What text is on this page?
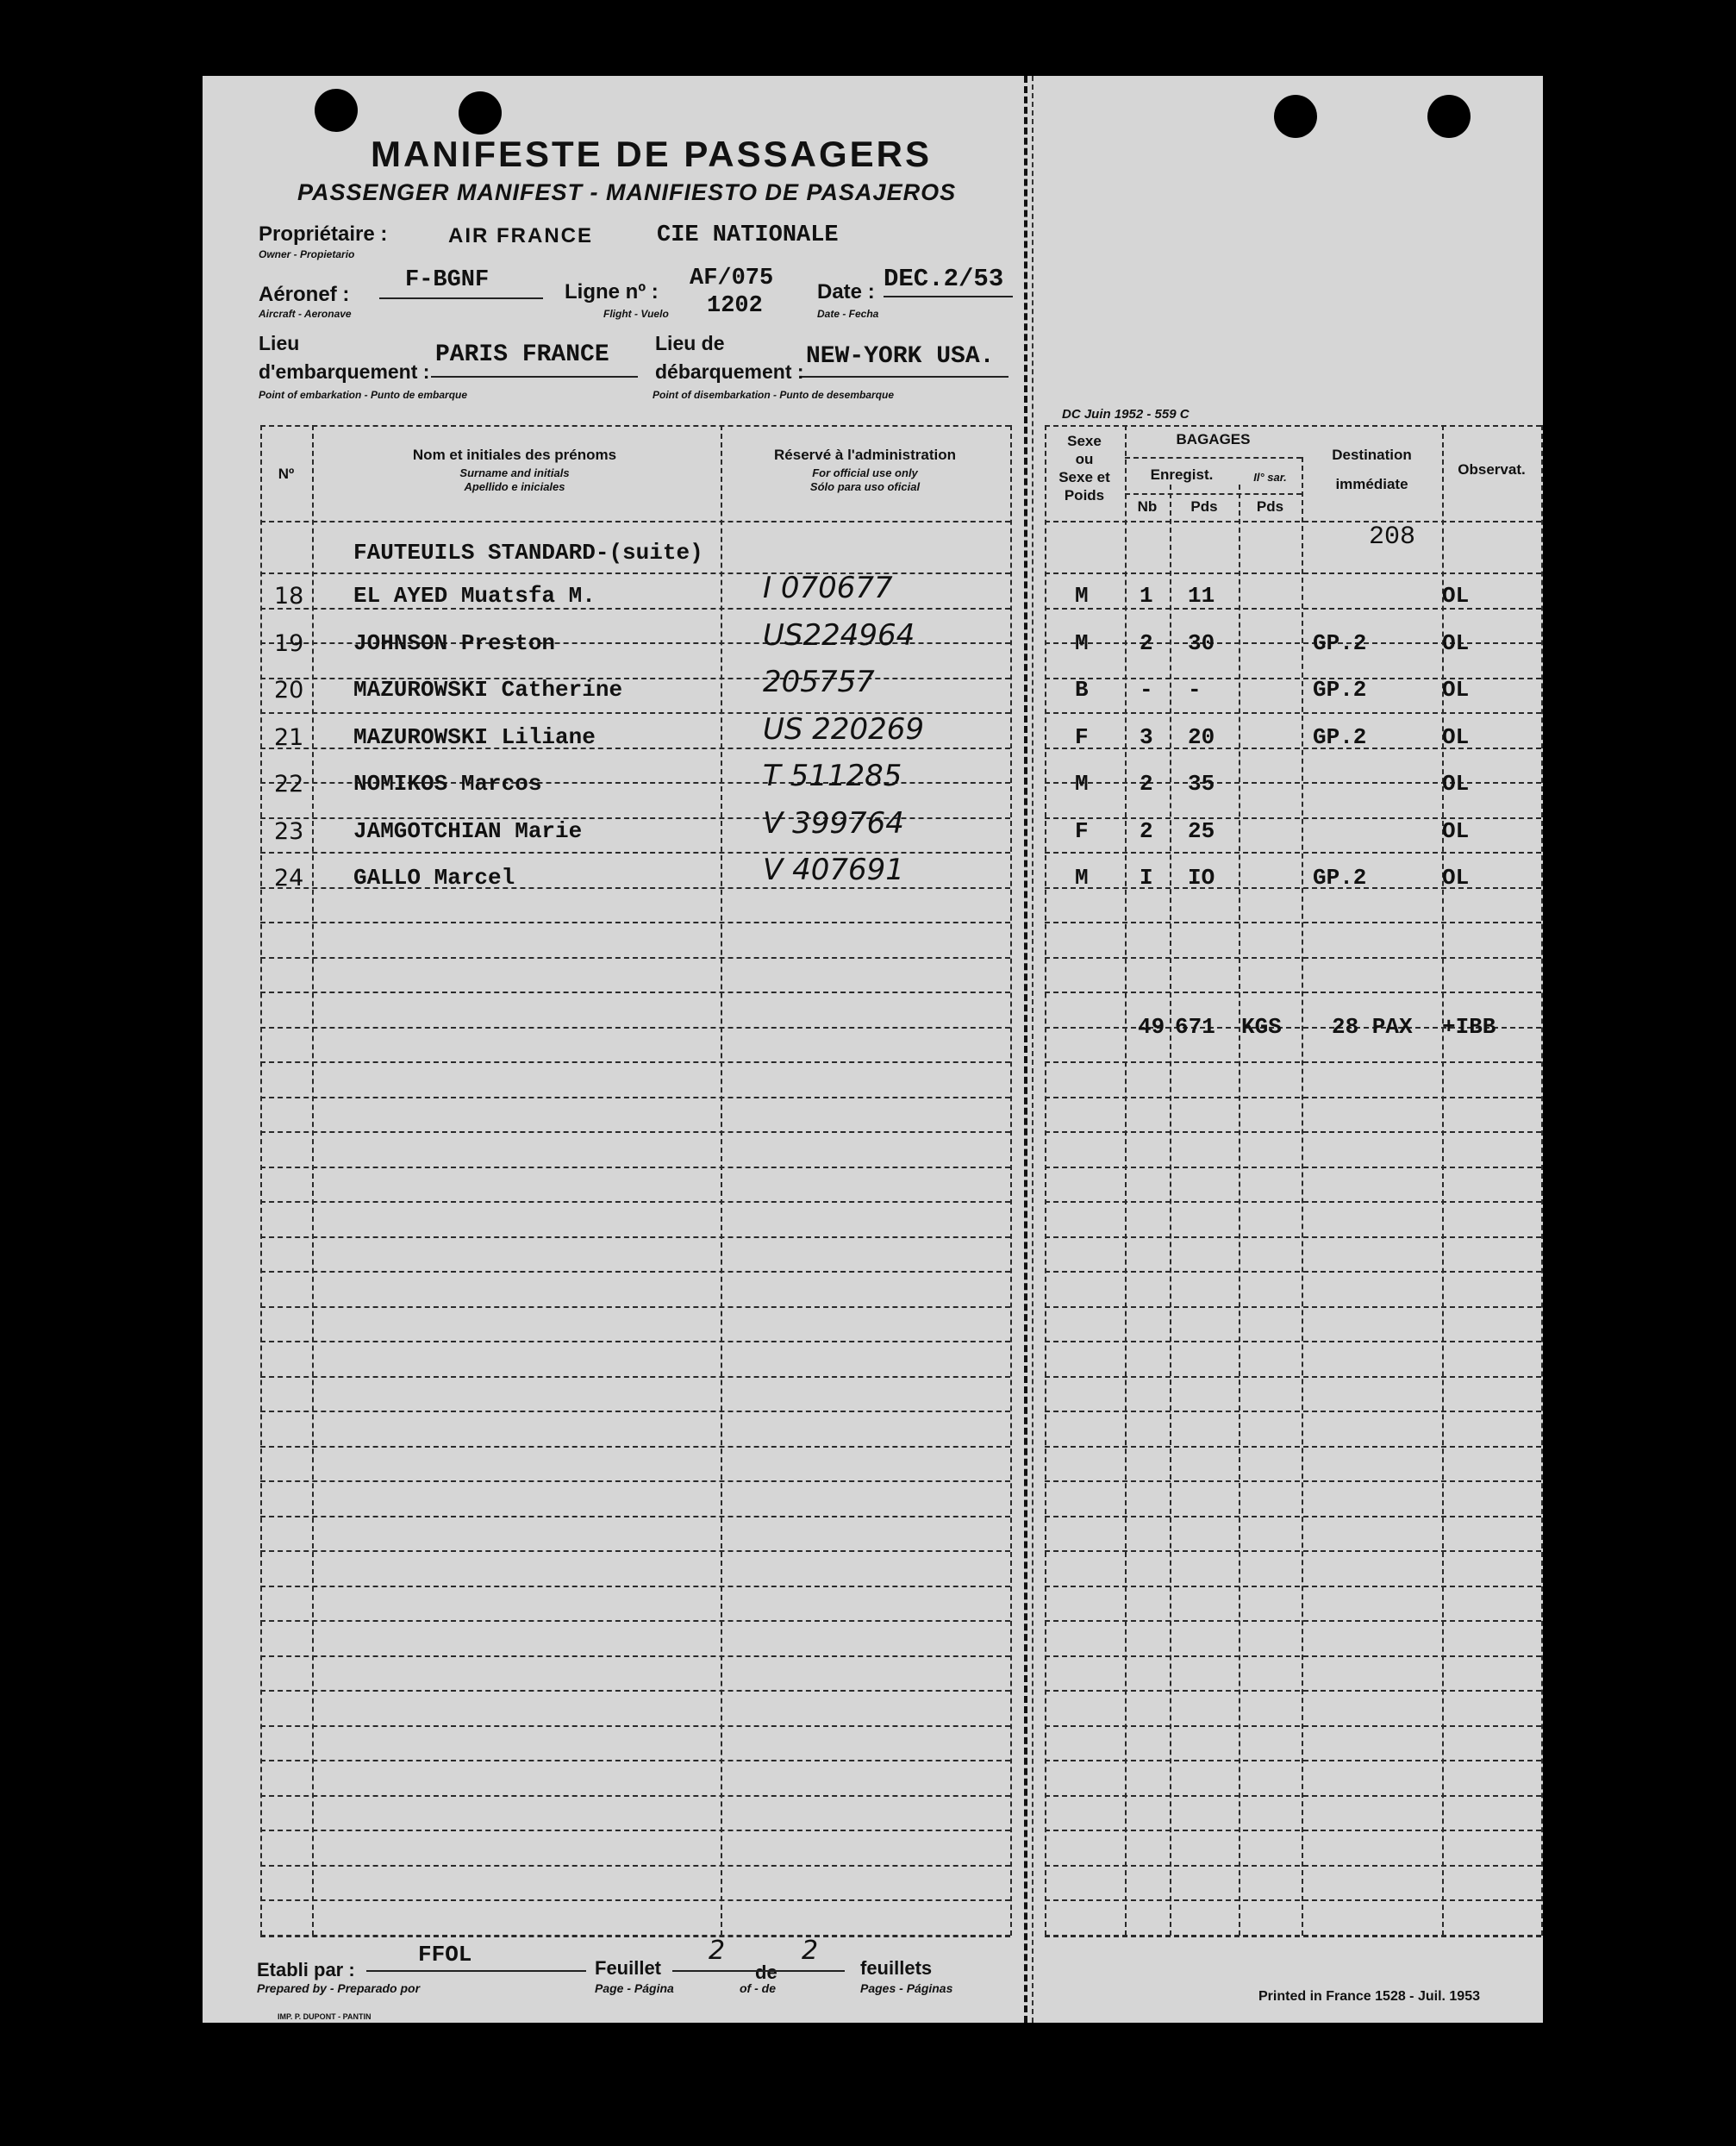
MANIFESTE DE PASSAGERS
PASSENGER MANIFEST - MANIFIESTO DE PASAJEROS
Propriétaire :
Owner - Propietario
AIR FRANCE	CIE NATIONALE
Aéronef :
Aircraft - Aeronave
F-BGNF	Ligne nº :
Flight - Vuelo
AF/075
1202
Date :
Date - Fecha
DEC.2/53
Lieu
d'embarquement :
Point of embarkation - Punto de embarque
PARIS FRANCE Lieu de
débarquement :
Point of disembarkation - Punto de desembarque
NEW-YORK USA.
DC Juin 1952 - 559 C
Nº
Nom et initiales des prénoms
Surname and initials
Apellido e iniciales
Réservé à l'administration
For official use only
Sólo para uso oficial
Sexe
ou
Sexe et
Poids
BAGAGES
Enregist.	Il° sar.
Nb	Pds	Pds
Destination
immédiate
Observat.
208
FAUTEUILS STANDARD-(suite)
18 EL AYED Muatsfa M.	I 070677	M 1 11	OL
19 JOHNSON Preston	US224964	M 2 30	GP.2	OL
20 MAZUROWSKI Catherine	205757	B - -	GP.2	OL
21 MAZUROWSKI Liliane	US 220269	F 3 20	GP.2	OL
22 NOMIKOS Marcos	T 511285	M 2 35	OL
23 JAMGOTCHIAN Marie	V 399764	F 2 25	OL
24 GALLO Marcel	V 407691	M I IO	GP.2	OL
49 671 KGS 28 PAX +IBB
Etabli par :
Prepared by - Preparado por
FFOL
Feuillet
Page - Página
2
de
of - de
2
feuillets
Pages - Páginas
IMP. P. DUPONT - PANTIN
Printed in France 1528 - Juil. 1953
